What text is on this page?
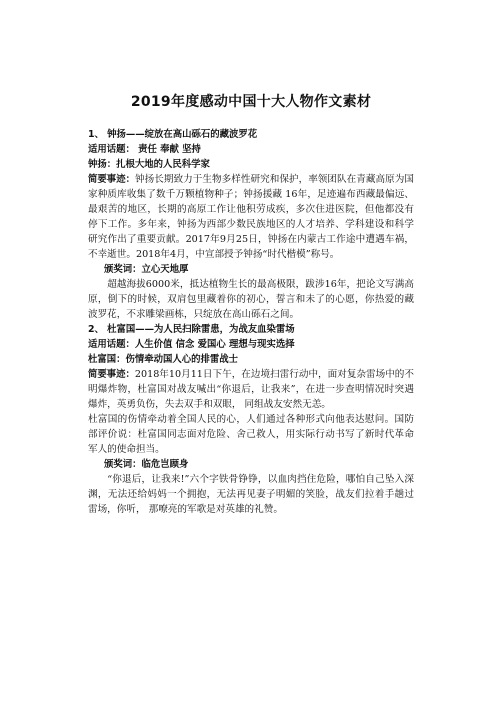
2019年度感动中国十大人物作文素材

1、 钟扬——绽放在高山砾石的藏波罗花

适用话题： 责任 奉献 坚持

钟扬：扎根大地的人民科学家

简要事迹：钟扬长期致力于生物多样性研究和保护，率领团队在青藏高原为国家种质库收集了数千万颗植物种子；钟扬援藏 16年，足迹遍布西藏最偏远、最艰苦的地区，长期的高原工作让他积劳成疾，多次住进医院，但他都没有停下工作。多年来，钟扬为西部少数民族地区的人才培养、学科建设和科学研究作出了重要贡献。2017年9月25日，钟扬在内蒙古工作途中遭遇车祸，不幸逝世。2018年4月，中宣部授予钟扬“时代楷模”称号。

颁奖词：立心天地厚

超越海拔6000米，抵达植物生长的最高极限，跋涉16年，把论文写满高原，倒下的时候，双肩包里藏着你的初心，誓言和未了的心愿，你热爱的藏波罗花，不求雕梁画栋，只绽放在高山砾石之间。

2、 杜富国——为人民扫除雷患，为战友血染雷场

适用话题：人生价值 信念 爱国心 理想与现实选择

杜富国：伤情牵动国人心的排雷战士

简要事迹：2018年10月11日下午，在边境扫雷行动中，面对复杂雷场中的不明爆炸物，杜富国对战友喊出“你退后，让我来”，在进一步查明情况时突遇爆炸，英勇负伤，失去双手和双眼， 同组战友安然无恙。

杜富国的伤情牵动着全国人民的心，人们通过各种形式向他表达慰问。国防部评价说：杜富国同志面对危险、舍己救人，用实际行动书写了新时代革命军人的使命担当。

颁奖词：临危岂顾身

“你退后，让我来!”六个字铁骨铮铮，以血肉挡住危险，哪怕自己坠入深渊，无法还给妈妈一个拥抱，无法再见妻子明媚的笑脸，战友们拉着手趟过雷场，你听， 那嘹亮的军歌是对英雄的礼赞。
